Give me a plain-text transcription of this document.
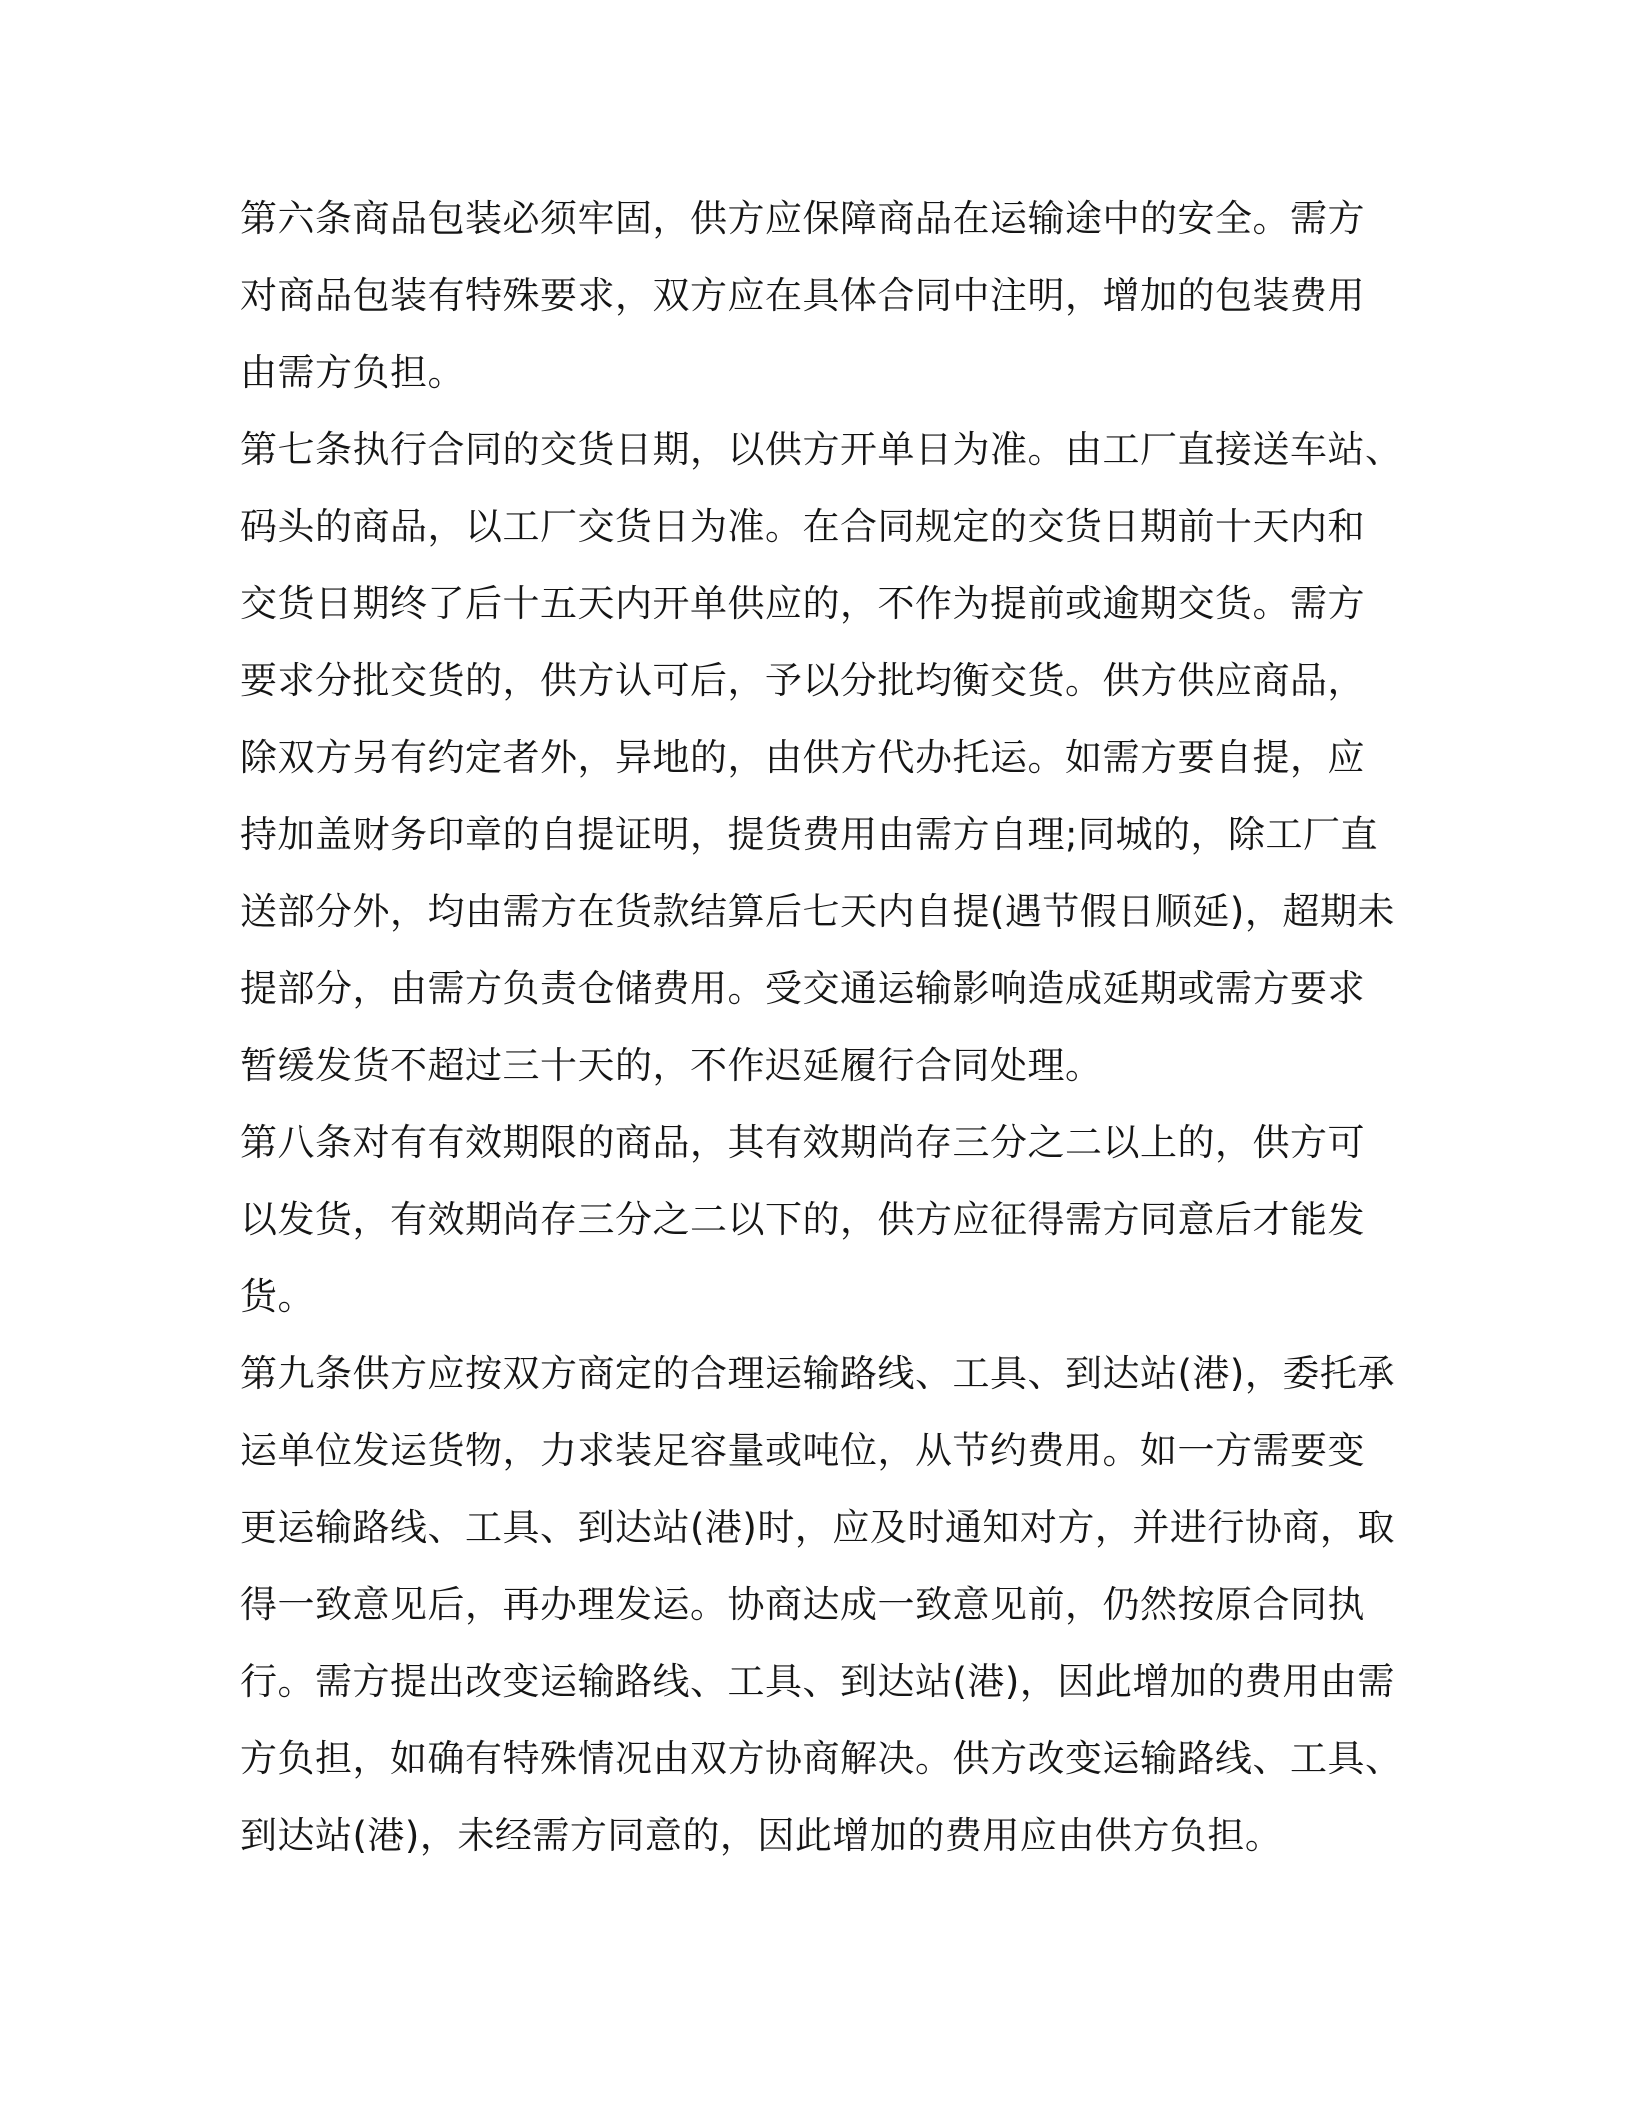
第六条商品包装必须牢固，供方应保障商品在运输途中的安全。需方
对商品包装有特殊要求，双方应在具体合同中注明，增加的包装费用
由需方负担。
第七条执行合同的交货日期，以供方开单日为准。由工厂直接送车站、
码头的商品，以工厂交货日为准。在合同规定的交货日期前十天内和
交货日期终了后十五天内开单供应的，不作为提前或逾期交货。需方
要求分批交货的，供方认可后，予以分批均衡交货。供方供应商品，
除双方另有约定者外，异地的，由供方代办托运。如需方要自提，应
持加盖财务印章的自提证明，提货费用由需方自理;同城的，除工厂直
送部分外，均由需方在货款结算后七天内自提(遇节假日顺延)，超期未
提部分，由需方负责仓储费用。受交通运输影响造成延期或需方要求
暂缓发货不超过三十天的，不作迟延履行合同处理。
第八条对有有效期限的商品，其有效期尚存三分之二以上的，供方可
以发货，有效期尚存三分之二以下的，供方应征得需方同意后才能发
货。
第九条供方应按双方商定的合理运输路线、工具、到达站(港)，委托承
运单位发运货物，力求装足容量或吨位，从节约费用。如一方需要变
更运输路线、工具、到达站(港)时，应及时通知对方，并进行协商，取
得一致意见后，再办理发运。协商达成一致意见前，仍然按原合同执
行。需方提出改变运输路线、工具、到达站(港)，因此增加的费用由需
方负担，如确有特殊情况由双方协商解决。供方改变运输路线、工具、
到达站(港)，未经需方同意的，因此增加的费用应由供方负担。
